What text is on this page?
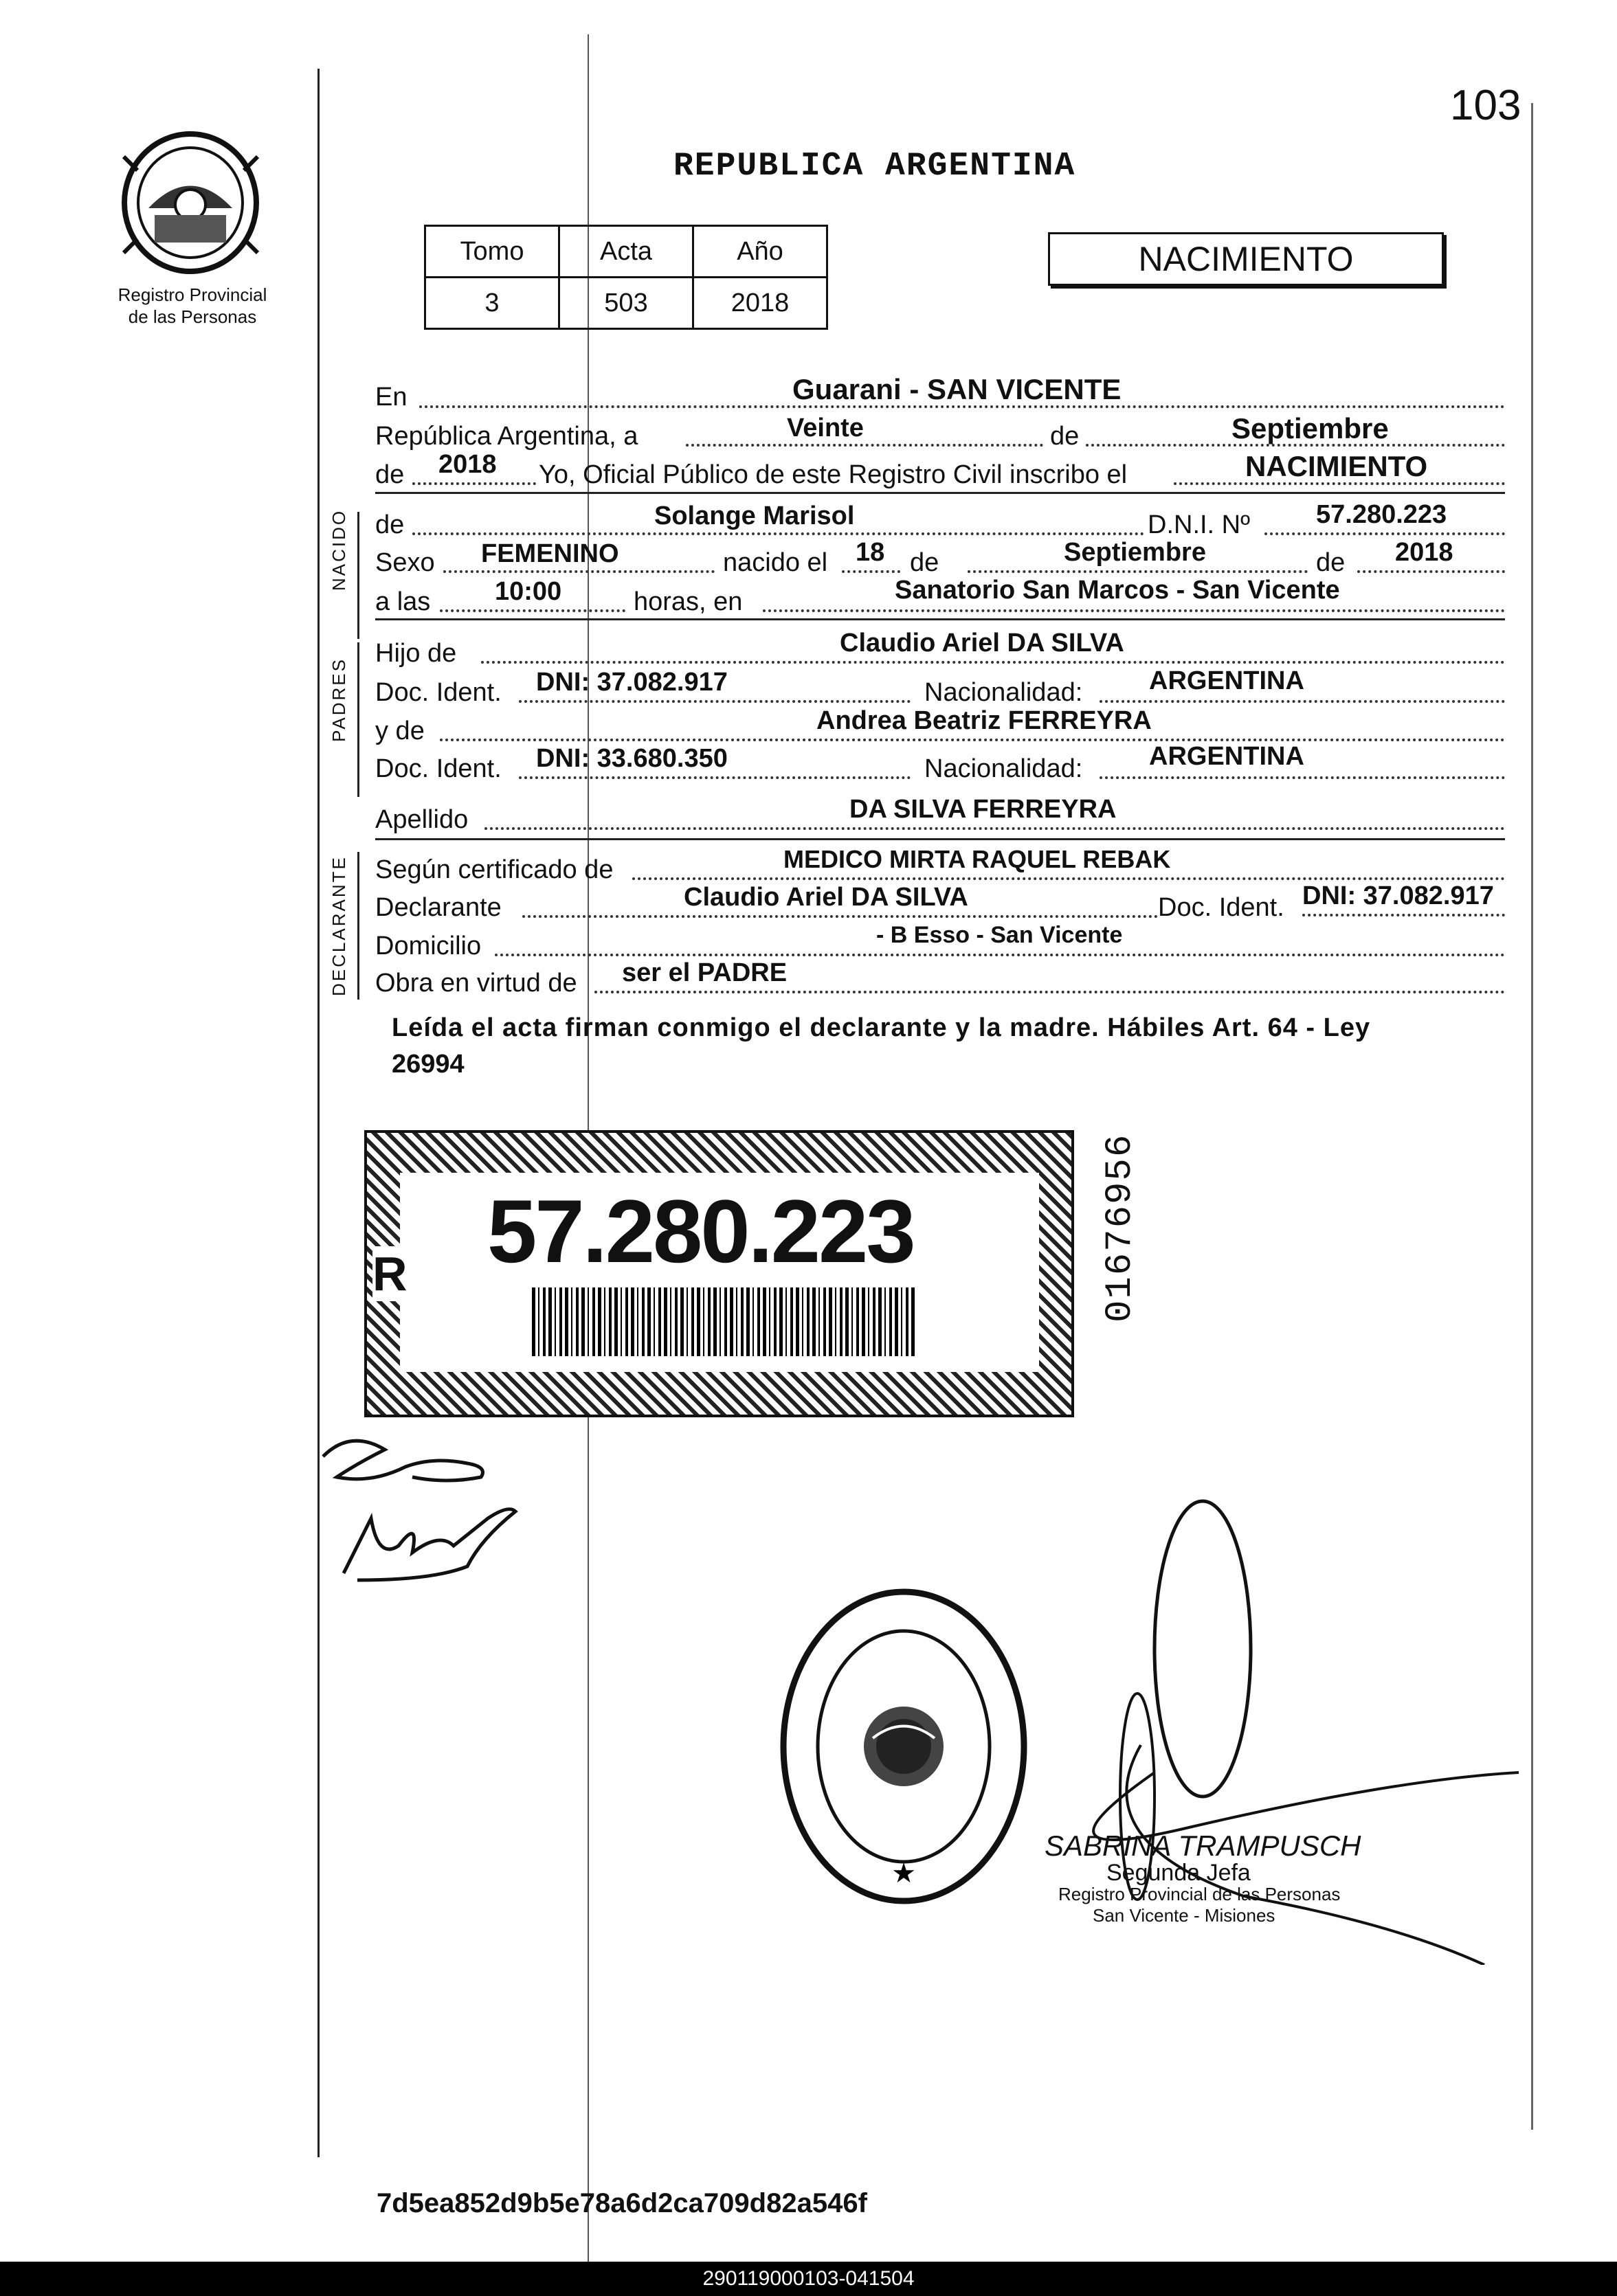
103
Registro Provincial
de las Personas
REPUBLICA ARGENTINA
Tomo	Acta	Año
3	503	2018
NACIMIENTO
NACIDO
PADRES
DECLARANTE
En	Guarani - SAN VICENTE
República Argentina, a	Veinte	de	Septiembre
de 2018 Yo, Oficial Público de este Registro Civil inscribo el	NACIMIENTO
de	Solange Marisol	D.N.I. Nº	57.280.223
Sexo FEMENINO	nacido el 18 de	Septiembre	de 2018
a las 10:00	horas, en	Sanatorio San Marcos - San Vicente
Hijo de	Claudio Ariel DA SILVA
Doc. Ident. DNI: 37.082.917	Nacionalidad:	ARGENTINA
y de	Andrea Beatriz FERREYRA
Doc. Ident. DNI: 33.680.350	Nacionalidad:	ARGENTINA
Apellido	DA SILVA FERREYRA
Según certificado de	MEDICO MIRTA RAQUEL REBAK
Declarante	Claudio Ariel DA SILVA	Doc. Ident. DNI: 37.082.917
Domicilio	- B Esso - San Vicente
Obra en virtud de ser el PADRE
Leída el acta firman conmigo el declarante y la madre. Hábiles Art. 64 - Ley
26994
R 57.280.223	01676956
★
SABRINA TRAMPUSCH
Segunda Jefa
Registro Provincial de las Personas
San Vicente - Misiones
7d5ea852d9b5e78a6d2ca709d82a546f
290119000103-041504
